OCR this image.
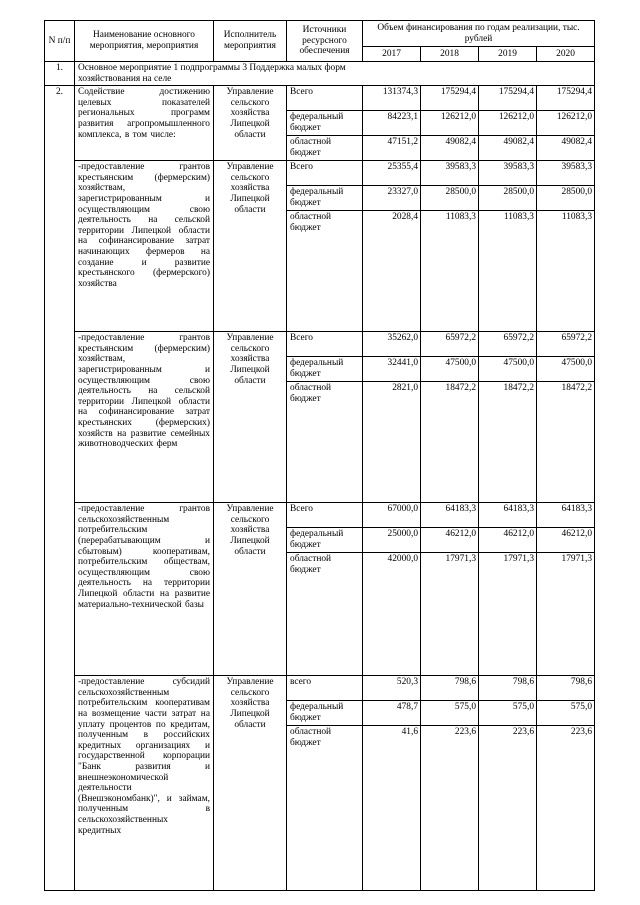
N п/п	Наименование основного мероприятия, мероприятия	Исполнитель мероприятия	Источники ресурсного обеспечения	Объем финансирования по годам реализации, тыс. рублей			
				2017	2018	2019	2020
1.	Основное мероприятие 1 подпрограммы 3 Поддержка малых форм хозяйствования на селе						
2.	Содействие достижению целевых показателей региональных программ развития агропромышленного комплекса, в том числе:	Управление сельского хозяйства Липецкой области	Всего	131374,3	175294,4	175294,4	175294,4
			федеральный бюджет	84223,1	126212,0	126212,0	126212,0
			областной бюджет	47151,2	49082,4	49082,4	49082,4
	-предоставление грантов крестьянским (фермерским) хозяйствам, зарегистрированным и осуществляющим свою деятельность на сельской территории Липецкой области на софинансирование затрат начинающих фермеров на создание и развитие крестьянского (фермерского) хозяйства	Управление сельского хозяйства Липецкой области	Всего	25355,4	39583,3	39583,3	39583,3
			федеральный бюджет	23327,0	28500,0	28500,0	28500,0
			областной бюджет	2028,4	11083,3	11083,3	11083,3
	-предоставление грантов крестьянским (фермерским) хозяйствам, зарегистрированным и осуществляющим свою деятельность на сельской территории Липецкой области на софинансирование затрат крестьянских (фермерских) хозяйств на развитие семейных животноводческих ферм	Управление сельского хозяйства Липецкой области	Всего	35262,0	65972,2	65972,2	65972,2
			федеральный бюджет	32441,0	47500,0	47500,0	47500,0
			областной бюджет	2821,0	18472,2	18472,2	18472,2
	-предоставление грантов сельскохозяйственным потребительским (перерабатывающим и сбытовым) кооперативам, потребительским обществам, осуществляющим свою деятельность на территории Липецкой области на развитие материально-технической базы	Управление сельского хозяйства Липецкой области	Всего	67000,0	64183,3	64183,3	64183,3
			федеральный бюджет	25000,0	46212,0	46212,0	46212,0
			областной бюджет	42000,0	17971,3	17971,3	17971,3
	-предоставление субсидий сельскохозяйственным потребительским кооперативам на возмещение части затрат на уплату процентов по кредитам, полученным в российских кредитных организациях и государственной корпорации "Банк развития и внешнеэкономической деятельности (Внешэкономбанк)", и займам, полученным в сельскохозяйственных кредитных	Управление сельского хозяйства Липецкой области	всего	520,3	798,6	798,6	798,6
			федеральный бюджет	478,7	575,0	575,0	575,0
			областной бюджет	41,6	223,6	223,6	223,6
